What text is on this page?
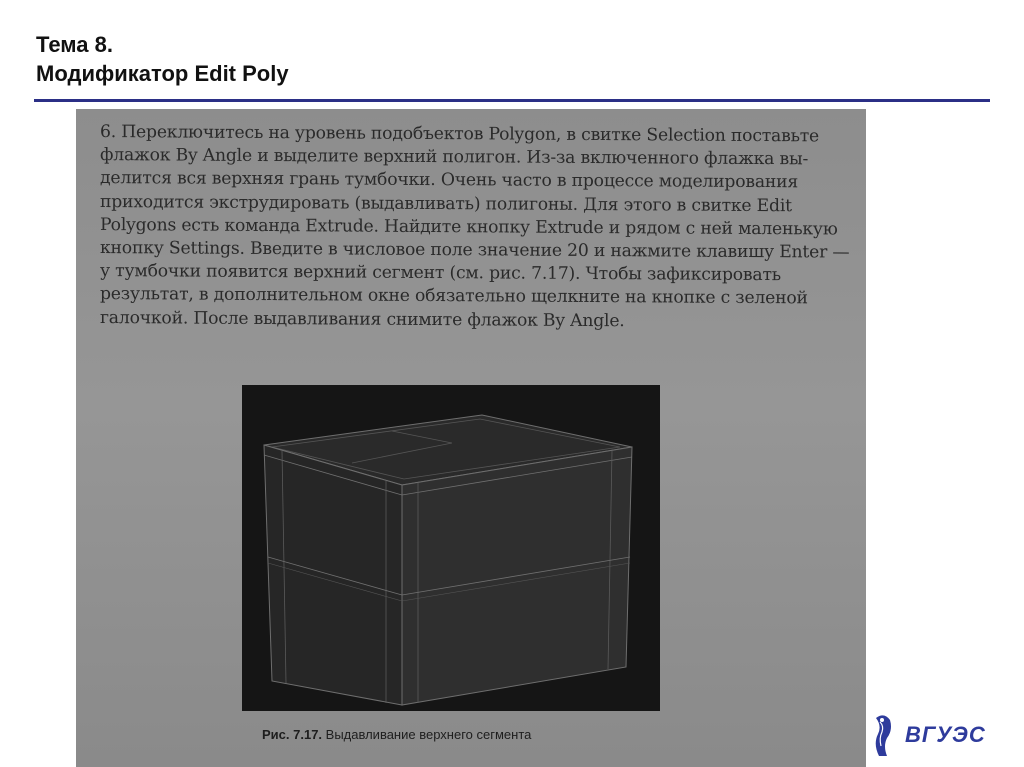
Тема 8.
Модификатор Edit Poly

6. Переключитесь на уровень подобъектов Polygon, в свитке Selection поставьте
флажок By Angle и выделите верхний полигон. Из-за включенного флажка вы-
делится вся верхняя грань тумбочки. Очень часто в процессе моделирования
приходится экструдировать (выдавливать) полигоны. Для этого в свитке Edit
Polygons есть команда Extrude. Найдите кнопку Extrude и рядом с ней маленькую
кнопку Settings. Введите в числовое поле значение 20 и нажмите клавишу Enter —
у тумбочки появится верхний сегмент (см. рис. 7.17). Чтобы зафиксировать
результат, в дополнительном окне обязательно щелкните на кнопке с зеленой
галочкой. После выдавливания снимите флажок By Angle.

Рис. 7.17. Выдавливание верхнего сегмента	ВГУЭС
